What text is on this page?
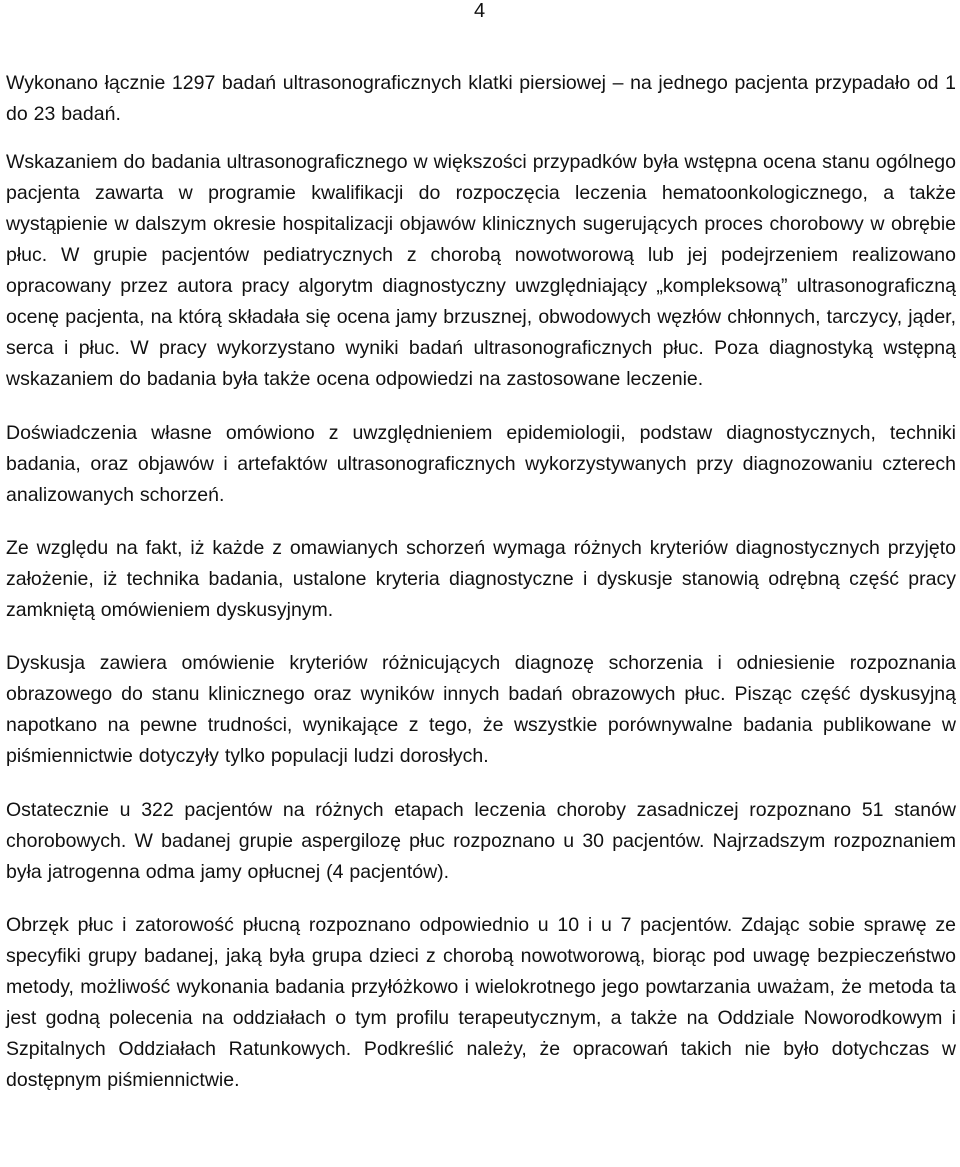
4

Wykonano łącznie 1297 badań ultrasonograficznych klatki piersiowej – na jednego pacjenta przypadało od 1 do 23 badań.

Wskazaniem do badania ultrasonograficznego w większości przypadków była wstępna ocena stanu ogólnego pacjenta zawarta w programie kwalifikacji do rozpoczęcia leczenia hematoonkologicznego, a także wystąpienie w dalszym okresie hospitalizacji objawów klinicznych sugerujących proces chorobowy w obrębie płuc. W grupie pacjentów pediatrycznych z chorobą nowotworową lub jej podejrzeniem realizowano opracowany przez autora pracy algorytm diagnostyczny uwzględniający „kompleksową” ultrasonograficzną ocenę pacjenta, na którą składała się ocena jamy brzusznej, obwodowych węzłów chłonnych, tarczycy, jąder, serca i płuc. W pracy wykorzystano wyniki badań ultrasonograficznych płuc. Poza diagnostyką wstępną wskazaniem do badania była także ocena odpowiedzi na zastosowane leczenie.

Doświadczenia własne omówiono z uwzględnieniem epidemiologii, podstaw diagnostycznych, techniki badania, oraz objawów i artefaktów ultrasonograficznych wykorzystywanych przy diagnozowaniu czterech analizowanych schorzeń.

Ze względu na fakt, iż każde z omawianych schorzeń wymaga różnych kryteriów diagnostycznych przyjęto założenie, iż technika badania, ustalone kryteria diagnostyczne i dyskusje stanowią odrębną część pracy zamkniętą omówieniem dyskusyjnym.

Dyskusja zawiera omówienie kryteriów różnicujących diagnozę schorzenia i odniesienie rozpoznania obrazowego do stanu klinicznego oraz wyników innych badań obrazowych płuc. Pisząc część dyskusyjną napotkano na pewne trudności, wynikające z tego, że wszystkie porównywalne badania publikowane w piśmiennictwie dotyczyły tylko populacji ludzi dorosłych.

Ostatecznie u 322 pacjentów na różnych etapach leczenia choroby zasadniczej rozpoznano 51 stanów chorobowych. W badanej grupie aspergilozę płuc rozpoznano u 30 pacjentów. Najrzadszym rozpoznaniem była jatrogenna odma jamy opłucnej (4 pacjentów).

Obrzęk płuc i zatorowość płucną rozpoznano odpowiednio u 10 i u 7 pacjentów. Zdając sobie sprawę ze specyfiki grupy badanej, jaką była grupa dzieci z chorobą nowotworową, biorąc pod uwagę bezpieczeństwo metody, możliwość wykonania badania przyłóżkowo i wielokrotnego jego powtarzania uważam, że metoda ta jest godną polecenia na oddziałach o tym profilu terapeutycznym, a także na Oddziale Noworodkowym i Szpitalnych Oddziałach Ratunkowych. Podkreślić należy, że opracowań takich nie było dotychczas w dostępnym piśmiennictwie.
